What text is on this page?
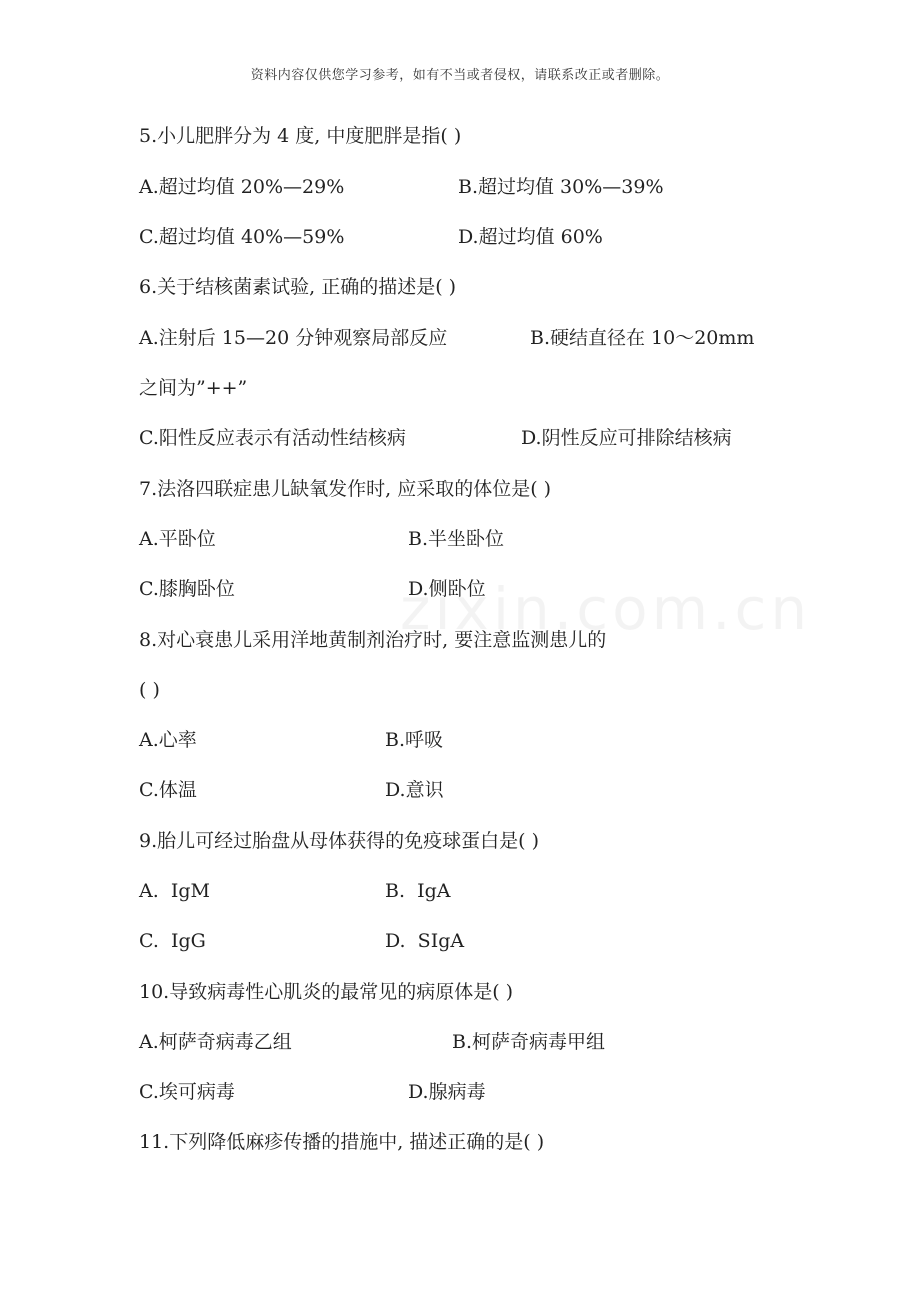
资料内容仅供您学习参考，如有不当或者侵权，请联系改正或者删除。
5.小儿肥胖分为 4 度, 中度肥胖是指( )
A.超过均值 20%—29%	B.超过均值 30%—39%
C.超过均值 40%—59%	D.超过均值 60%
6.关于结核菌素试验, 正确的描述是( )
A.注射后 15—20 分钟观察局部反应	B.硬结直径在 10～20mm
之间为”++”
C.阳性反应表示有活动性结核病	D.阴性反应可排除结核病
7.法洛四联症患儿缺氧发作时, 应采取的体位是( )
A.平卧位	B.半坐卧位
C.膝胸卧位	D.侧卧位
8.对心衰患儿采用洋地黄制剂治疗时, 要注意监测患儿的
( )
A.心率	B.呼吸
C.体温	D.意识
9.胎儿可经过胎盘从母体获得的免疫球蛋白是( )
A.  IgM	B.  IgA
C.  IgG	D.  SIgA
10.导致病毒性心肌炎的最常见的病原体是( )
A.柯萨奇病毒乙组	B.柯萨奇病毒甲组
C.埃可病毒	D.腺病毒
11.下列降低麻疹传播的措施中, 描述正确的是( )
